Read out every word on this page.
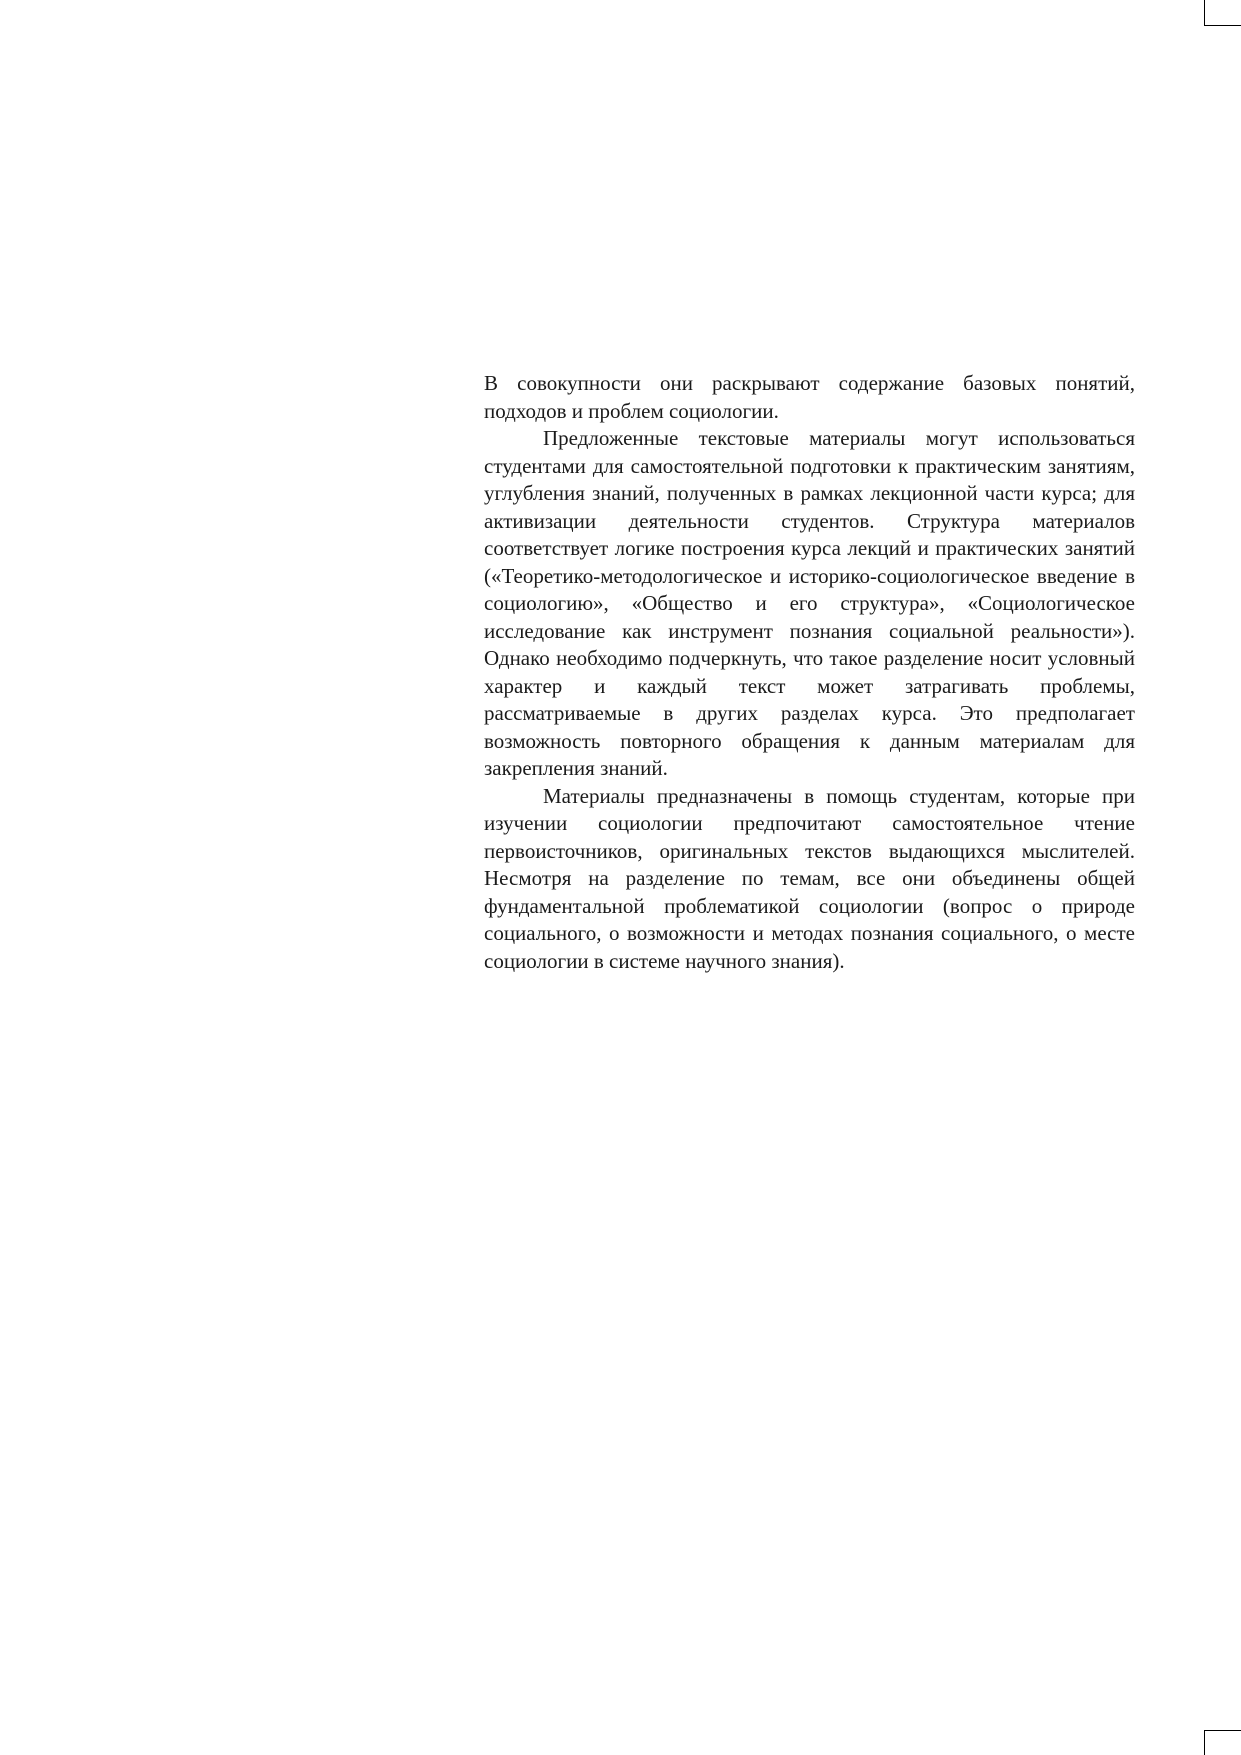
В совокупности они раскрывают содержание базовых понятий, подходов и проблем социологии.

Предложенные текстовые материалы могут использоваться студентами для самостоятельной подготовки к практическим занятиям, углубления знаний, полученных в рамках лекционной части курса; для активизации деятельности студентов. Структура материалов соответствует логике построения курса лекций и практических занятий («Теоретико-методологическое и историко-социологическое введение в социологию», «Общество и его структура», «Социологическое исследование как инструмент познания социальной реальности»). Однако необходимо подчеркнуть, что такое разделение носит условный характер и каждый текст может затрагивать проблемы, рассматриваемые в других разделах курса. Это предполагает возможность повторного обращения к данным материалам для закрепления знаний.

Материалы предназначены в помощь студентам, которые при изучении социологии предпочитают самостоятельное чтение первоисточников, оригинальных текстов выдающихся мыслителей. Несмотря на разделение по темам, все они объединены общей фундаментальной проблематикой социологии (вопрос о природе социального, о возможности и методах познания социального, о месте социологии в системе научного знания).
